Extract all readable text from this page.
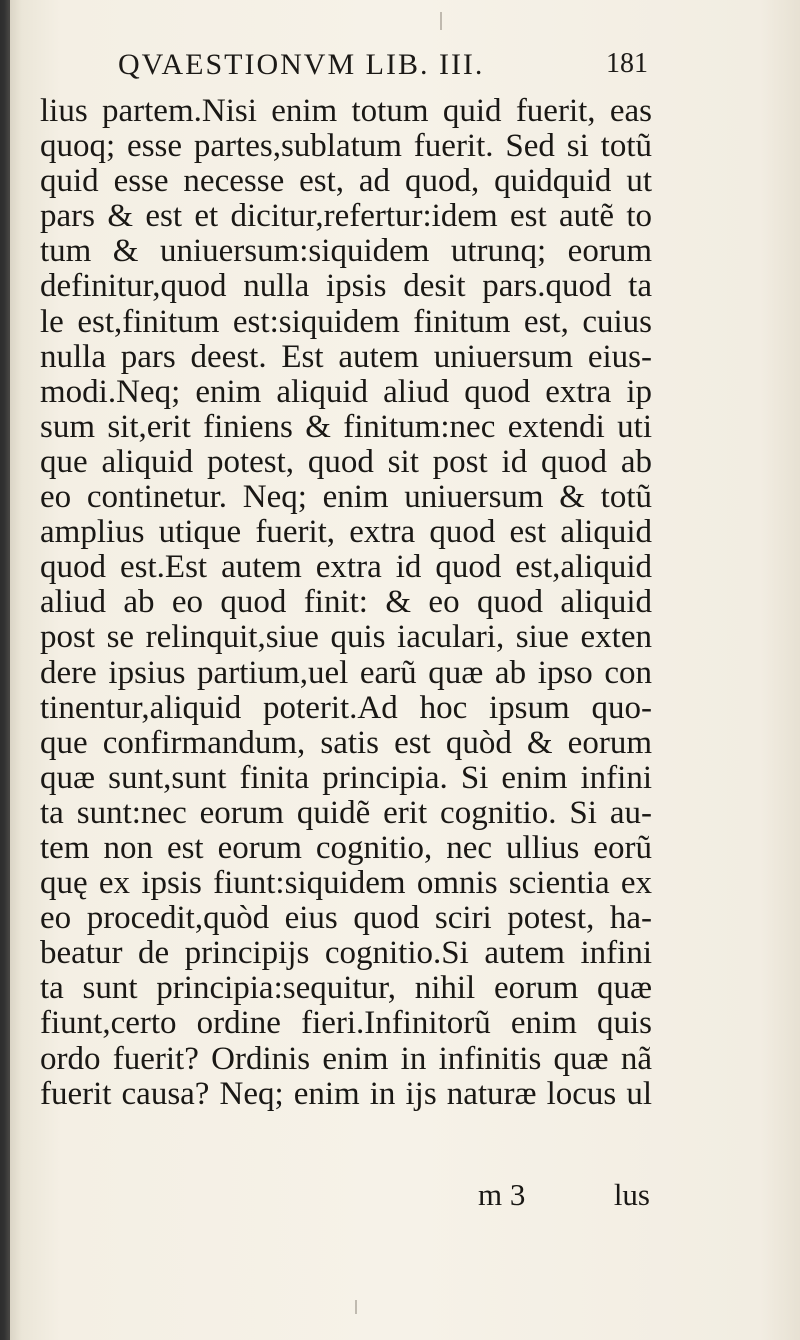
QVAESTIONVM LIB. III.	181
lius partem.Nisi enim totum quid fuerit, eas
quoq; esse partes,sublatum fuerit. Sed si totũ
quid esse necesse est, ad quod, quidquid ut
pars & est et dicitur,refertur:idem est autẽ to
tum & uniuersum:siquidem utrunq; eorum
definitur,quod nulla ipsis desit pars.quod ta
le est,finitum est:siquidem finitum est, cuius
nulla pars deest. Est autem uniuersum eius-
modi.Neq; enim aliquid aliud quod extra ip
sum sit,erit finiens & finitum:nec extendi uti
que aliquid potest, quod sit post id quod ab
eo continetur. Neq; enim uniuersum & totũ
amplius utique fuerit, extra quod est aliquid
quod est.Est autem extra id quod est,aliquid
aliud ab eo quod finit: & eo quod aliquid
post se relinquit,siue quis iaculari, siue exten
dere ipsius partium,uel earũ quæ ab ipso con
tinentur,aliquid poterit.Ad hoc ipsum quo-
que confirmandum, satis est quòd & eorum
quæ sunt,sunt finita principia. Si enim infini
ta sunt:nec eorum quidẽ erit cognitio. Si au-
tem non est eorum cognitio, nec ullius eorũ
quę ex ipsis fiunt:siquidem omnis scientia ex
eo procedit,quòd eius quod sciri potest, ha-
beatur de principijs cognitio.Si autem infini
ta sunt principia:sequitur, nihil eorum quæ
fiunt,certo ordine fieri.Infinitorũ enim quis
ordo fuerit? Ordinis enim in infinitis quæ nã
fuerit causa? Neq; enim in ijs naturæ locus ul
m 3	lus
